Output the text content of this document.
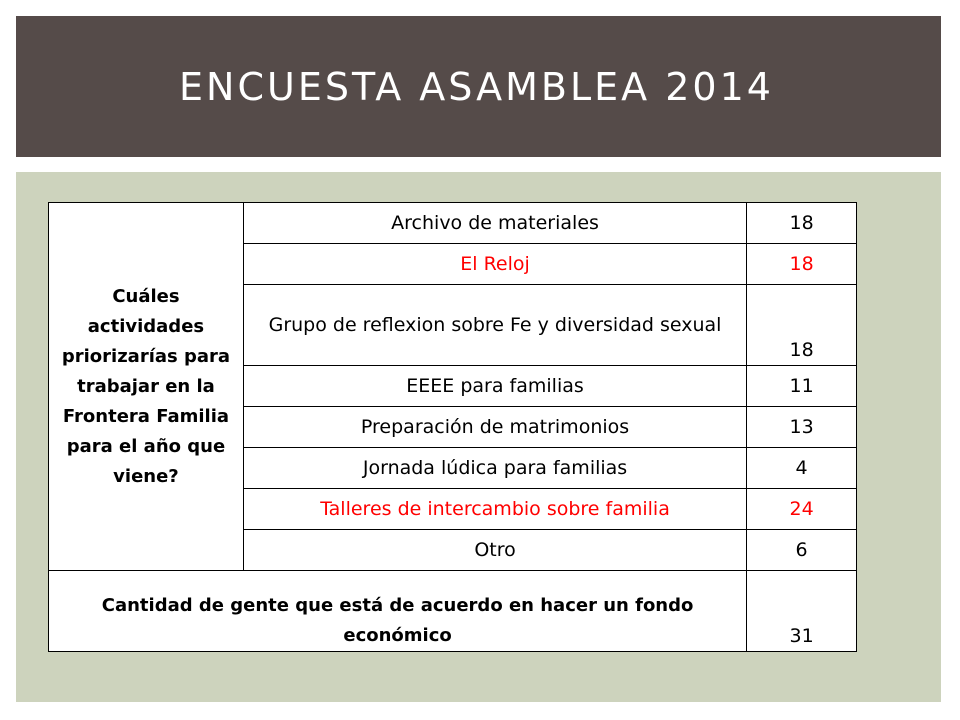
ENCUESTA ASAMBLEA 2014
Cuáles actividades priorizarías para trabajar en la Frontera Familia para el año que viene?	Archivo de materiales	18
	El Reloj	18
	Grupo de reflexion sobre Fe y diversidad sexual	18
	EEEE para familias	11
	Preparación de matrimonios	13
	Jornada lúdica para familias	4
	Talleres de intercambio sobre familia	24
	Otro	6
Cantidad de gente que está de acuerdo en hacer un fondo económico		31
